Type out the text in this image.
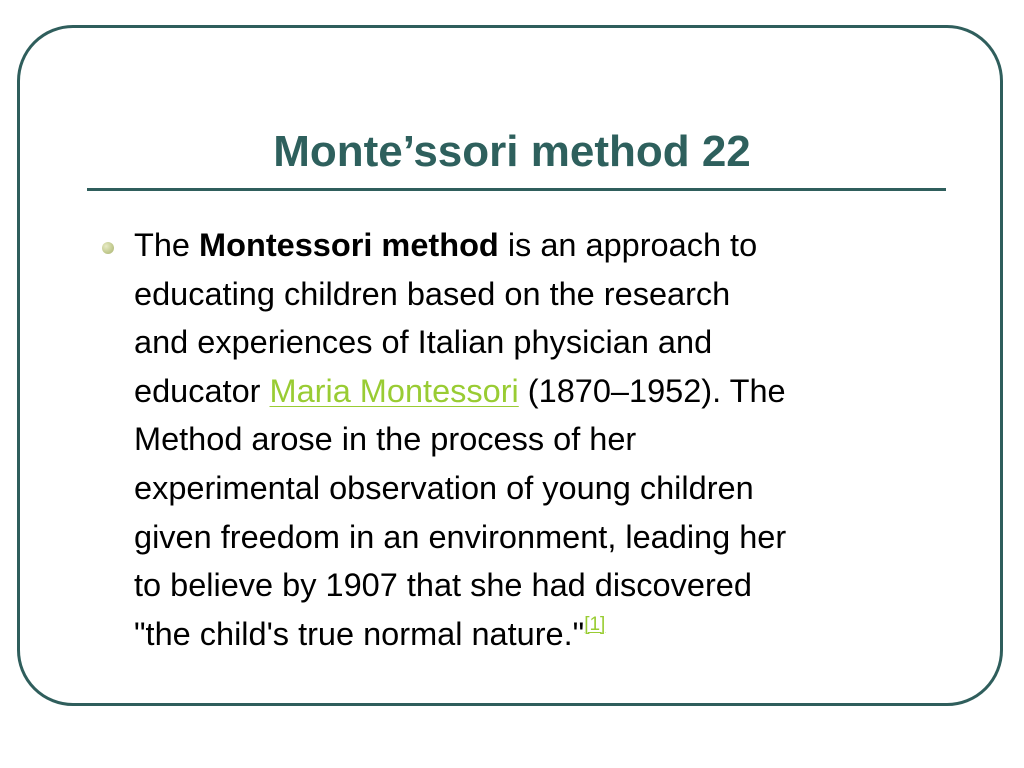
Monte’ssori method 22

The Montessori method is an approach to
educating children based on the research
and experiences of Italian physician and
educator Maria Montessori (1870–1952). The
Method arose in the process of her
experimental observation of young children
given freedom in an environment, leading her
to believe by 1907 that she had discovered
"the child's true normal nature."[1]
